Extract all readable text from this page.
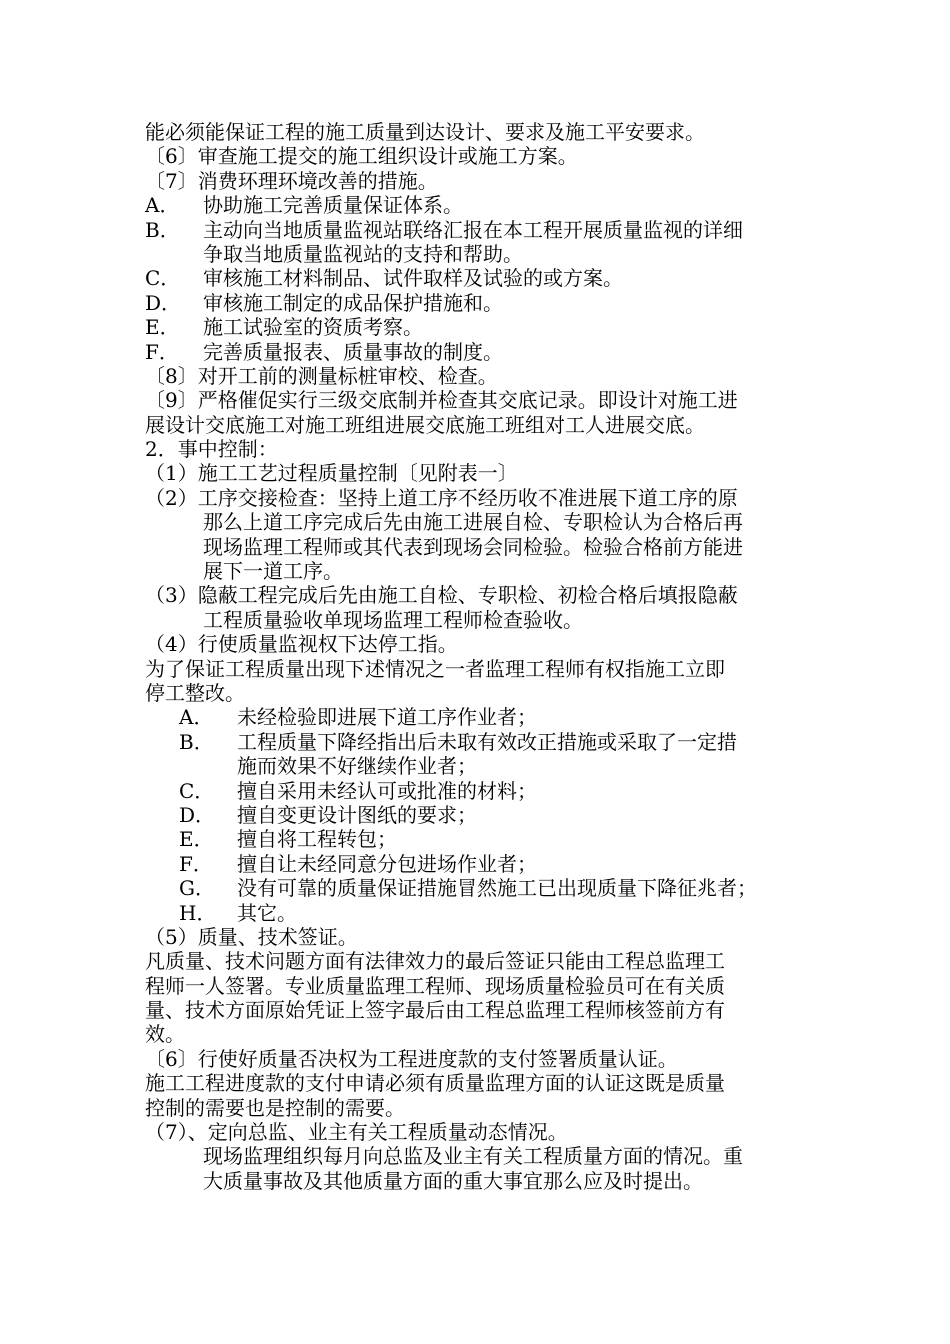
能必须能保证工程的施工质量到达设计、要求及施工平安要求。
〔6〕审查施工提交的施工组织设计或施工方案。
〔7〕消费环理环境改善的措施。
A． 协助施工完善质量保证体系。
B． 主动向当地质量监视站联络汇报在本工程开展质量监视的详细
争取当地质量监视站的支持和帮助。
C． 审核施工材料制品、试件取样及试验的或方案。
D． 审核施工制定的成品保护措施和。
E． 施工试验室的资质考察。
F． 完善质量报表、质量事故的制度。
〔8〕对开工前的测量标桩审校、检查。
〔9〕严格催促实行三级交底制并检查其交底记录。即设计对施工进
展设计交底施工对施工班组进展交底施工班组对工人进展交底。
2．事中控制：
（1）施工工艺过程质量控制〔见附表一〕
（2）工序交接检查：坚持上道工序不经历收不准进展下道工序的原
那么上道工序完成后先由施工进展自检、专职检认为合格后再
现场监理工程师或其代表到现场会同检验。检验合格前方能进
展下一道工序。
（3）隐蔽工程完成后先由施工自检、专职检、初检合格后填报隐蔽
工程质量验收单现场监理工程师检查验收。
（4）行使质量监视权下达停工指。
为了保证工程质量出现下述情况之一者监理工程师有权指施工立即
停工整改。
A． 未经检验即进展下道工序作业者；
B． 工程质量下降经指出后未取有效改正措施或采取了一定措
施而效果不好继续作业者；
C． 擅自采用未经认可或批准的材料；
D． 擅自变更设计图纸的要求；
E． 擅自将工程转包；
F． 擅自让未经同意分包进场作业者；
G． 没有可靠的质量保证措施冒然施工已出现质量下降征兆者；
H． 其它。
（5）质量、技术签证。
凡质量、技术问题方面有法律效力的最后签证只能由工程总监理工
程师一人签署。专业质量监理工程师、现场质量检验员可在有关质
量、技术方面原始凭证上签字最后由工程总监理工程师核签前方有
效。
〔6〕行使好质量否决权为工程进度款的支付签署质量认证。
施工工程进度款的支付申请必须有质量监理方面的认证这既是质量
控制的需要也是控制的需要。
（7）、定向总监、业主有关工程质量动态情况。
现场监理组织每月向总监及业主有关工程质量方面的情况。重
大质量事故及其他质量方面的重大事宜那么应及时提出。
